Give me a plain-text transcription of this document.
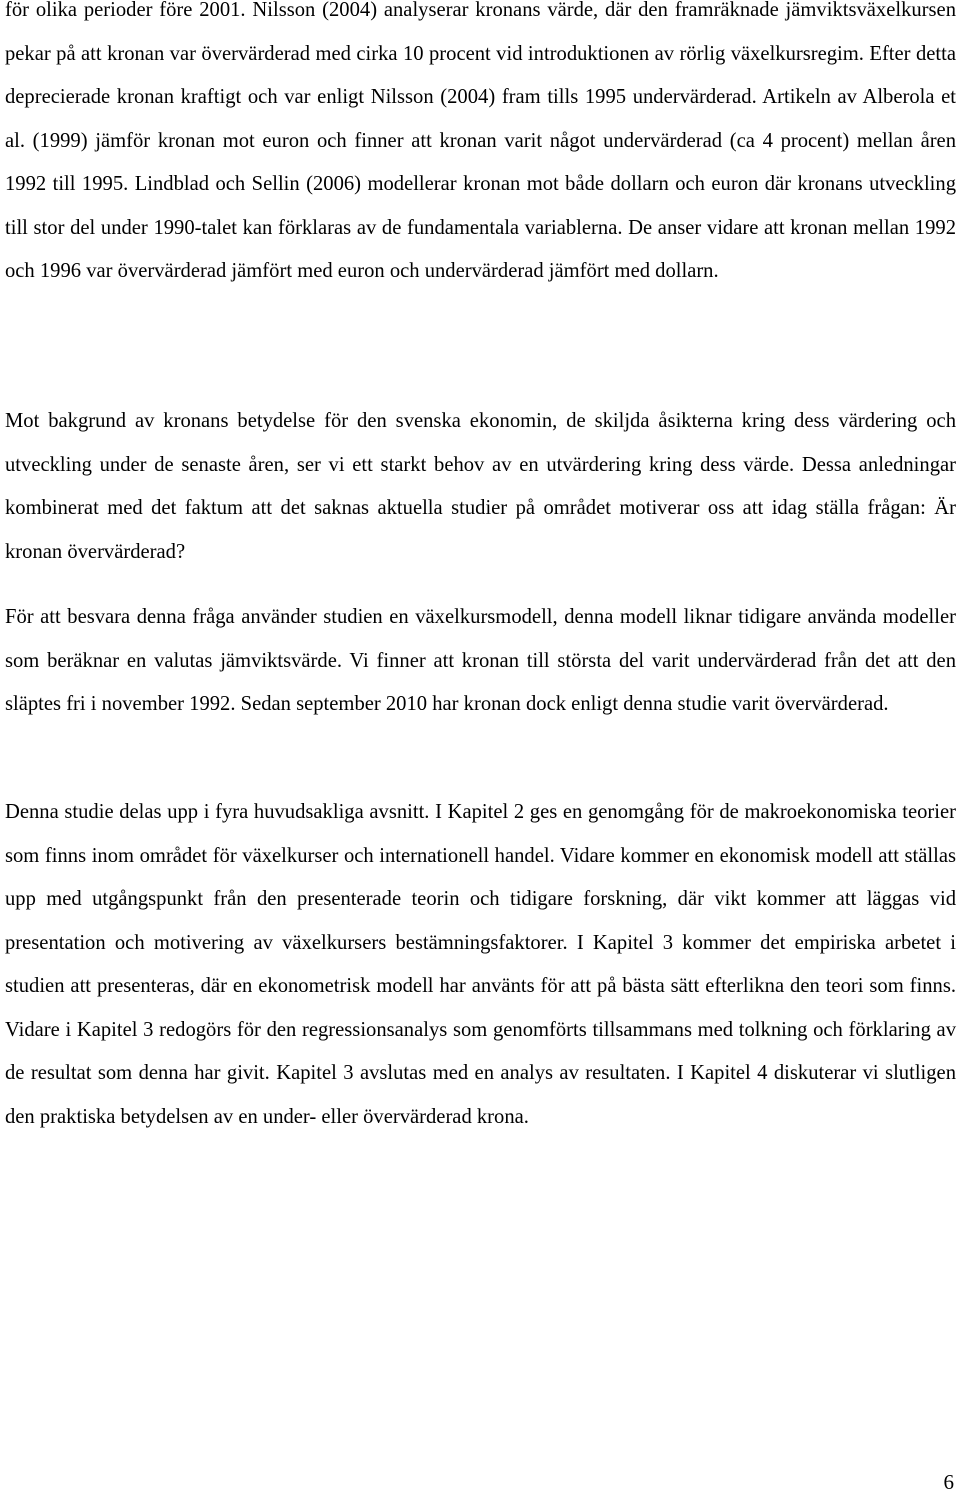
för olika perioder före 2001. Nilsson (2004) analyserar kronans värde, där den framräknade jämviktsväxelkursen pekar på att kronan var övervärderad med cirka 10 procent vid introduktionen av rörlig växelkursregim. Efter detta deprecierade kronan kraftigt och var enligt Nilsson (2004) fram tills 1995 undervärderad. Artikeln av Alberola et al. (1999) jämför kronan mot euron och finner att kronan varit något undervärderad (ca 4 procent) mellan åren 1992 till 1995. Lindblad och Sellin (2006) modellerar kronan mot både dollarn och euron där kronans utveckling till stor del under 1990-talet kan förklaras av de fundamentala variablerna. De anser vidare att kronan mellan 1992 och 1996 var övervärderad jämfört med euron och undervärderad jämfört med dollarn.

Mot bakgrund av kronans betydelse för den svenska ekonomin, de skiljda åsikterna kring dess värdering och utveckling under de senaste åren, ser vi ett starkt behov av en utvärdering kring dess värde. Dessa anledningar kombinerat med det faktum att det saknas aktuella studier på området motiverar oss att idag ställa frågan: Är kronan övervärderad?

För att besvara denna fråga använder studien en växelkursmodell, denna modell liknar tidigare använda modeller som beräknar en valutas jämviktsvärde. Vi finner att kronan till största del varit undervärderad från det att den släptes fri i november 1992. Sedan september 2010 har kronan dock enligt denna studie varit övervärderad.

Denna studie delas upp i fyra huvudsakliga avsnitt. I Kapitel 2 ges en genomgång för de makroekonomiska teorier som finns inom området för växelkurser och internationell handel. Vidare kommer en ekonomisk modell att ställas upp med utgångspunkt från den presenterade teorin och tidigare forskning, där vikt kommer att läggas vid presentation och motivering av växelkursers bestämningsfaktorer. I Kapitel 3 kommer det empiriska arbetet i studien att presenteras, där en ekonometrisk modell har använts för att på bästa sätt efterlikna den teori som finns. Vidare i Kapitel 3 redogörs för den regressionsanalys som genomförts tillsammans med tolkning och förklaring av de resultat som denna har givit. Kapitel 3 avslutas med en analys av resultaten. I Kapitel 4 diskuterar vi slutligen den praktiska betydelsen av en under- eller övervärderad krona.

6
